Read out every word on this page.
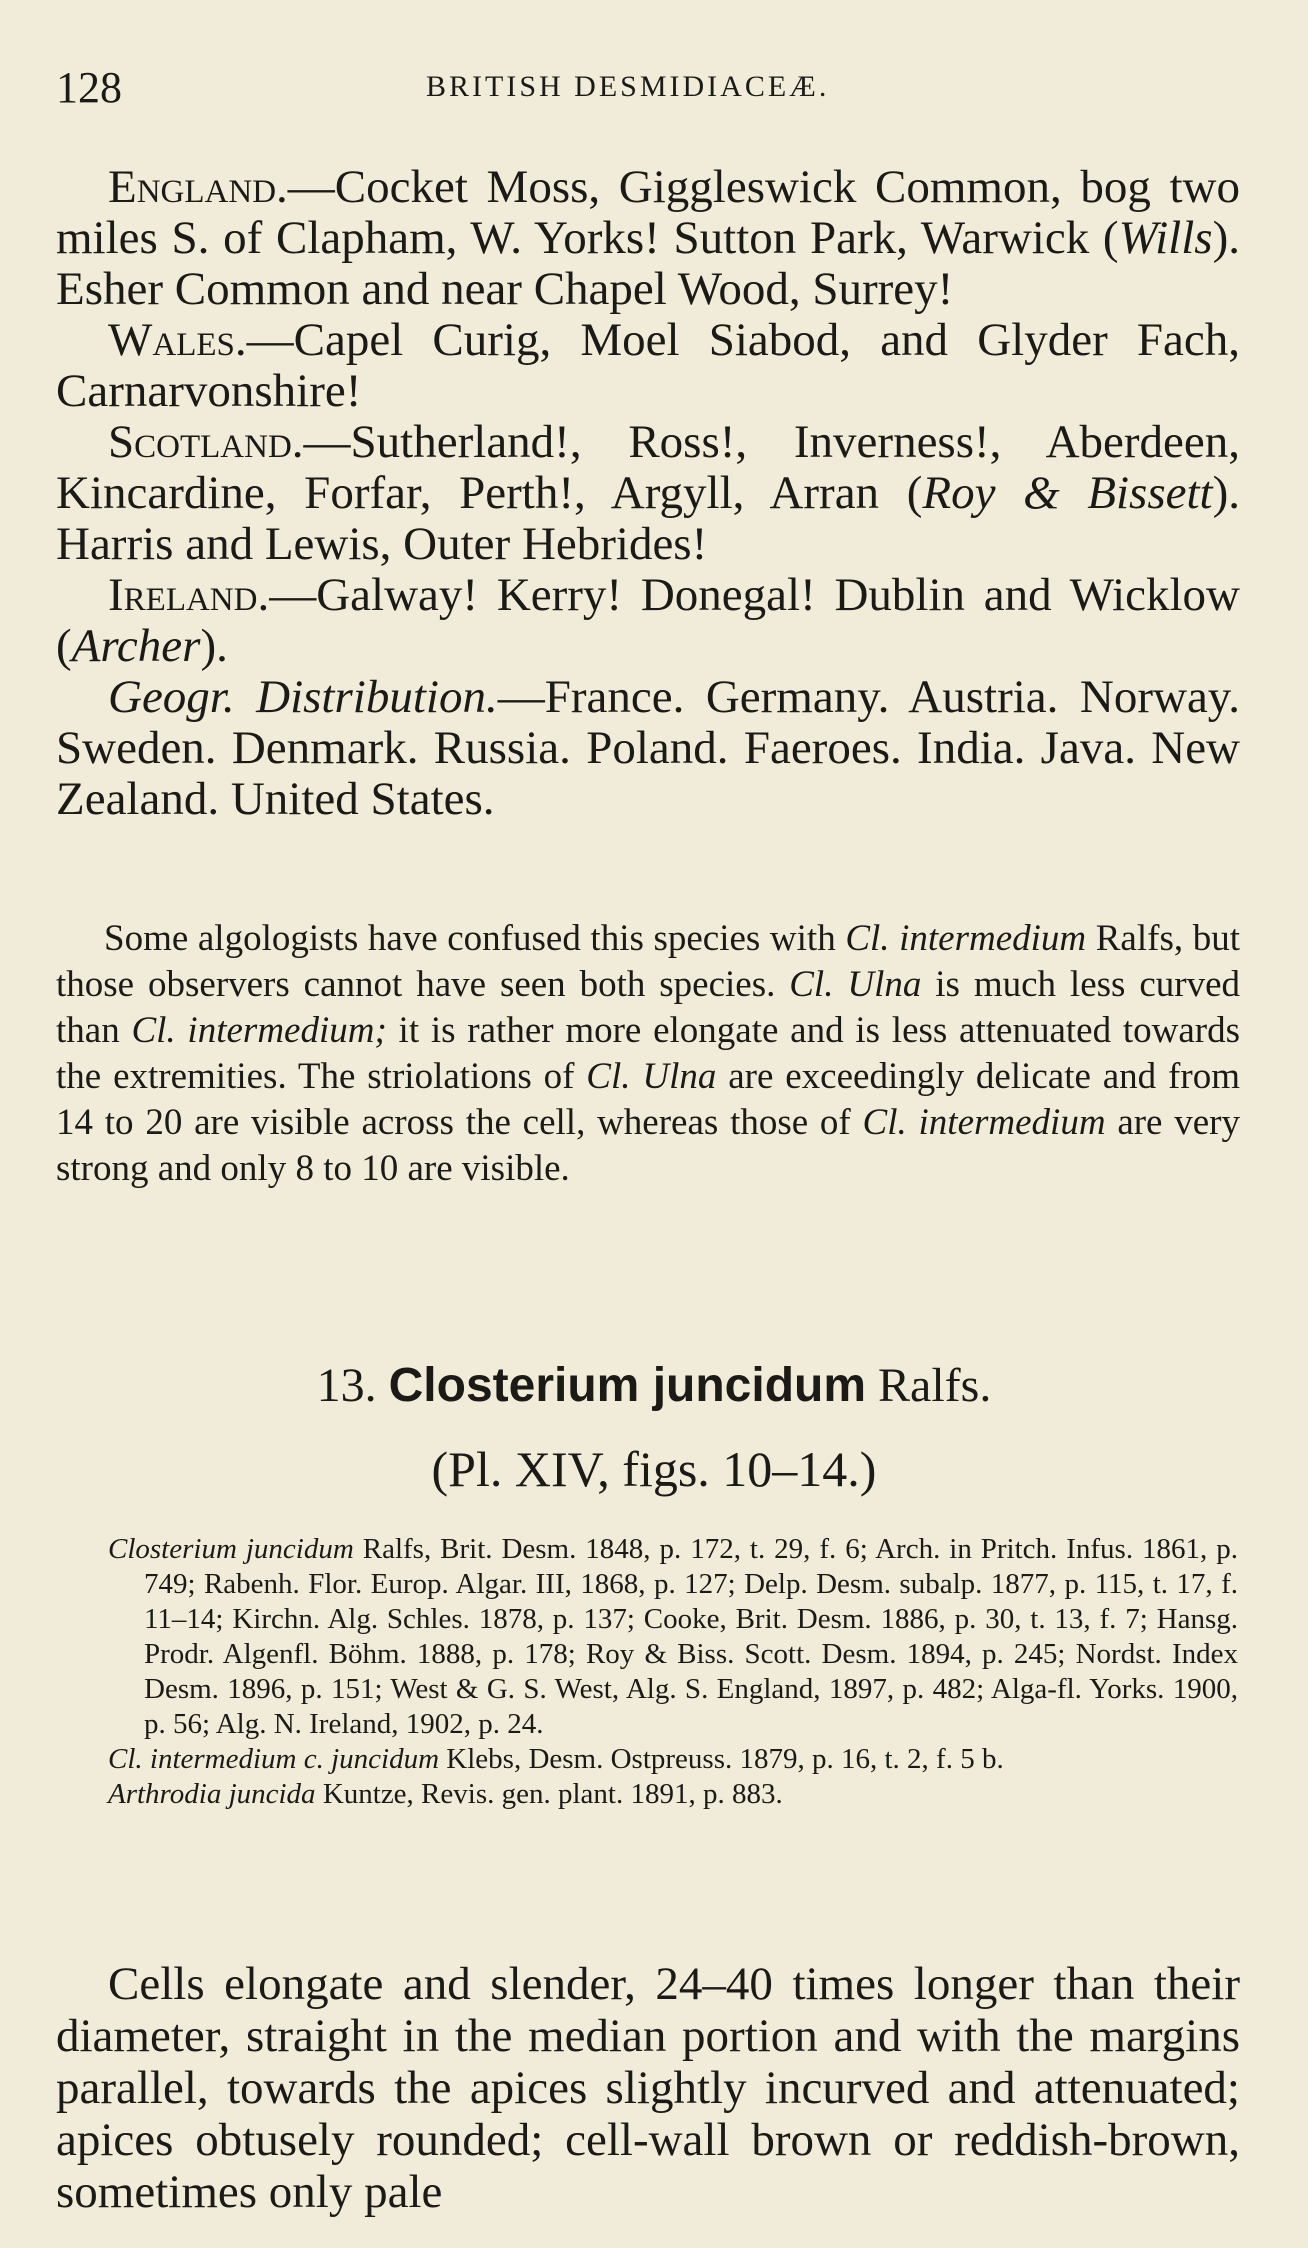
128	BRITISH DESMIDIACEÆ.

England.—Cocket Moss, Giggleswick Common, bog two miles S. of Clapham, W. Yorks! Sutton Park, Warwick (Wills). Esher Common and near Chapel Wood, Surrey!

Wales.—Capel Curig, Moel Siabod, and Glyder Fach, Carnarvonshire!

Scotland.—Sutherland!, Ross!, Inverness!, Aberdeen, Kincardine, Forfar, Perth!, Argyll, Arran (Roy & Bissett). Harris and Lewis, Outer Hebrides!

Ireland.—Galway! Kerry! Donegal! Dublin and Wicklow (Archer).

Geogr. Distribution.—France. Germany. Austria. Norway. Sweden. Denmark. Russia. Poland. Faeroes. India. Java. New Zealand. United States.

Some algologists have confused this species with Cl. intermedium Ralfs, but those observers cannot have seen both species. Cl. Ulna is much less curved than Cl. intermedium; it is rather more elongate and is less attenuated towards the extremities. The striolations of Cl. Ulna are exceedingly delicate and from 14 to 20 are visible across the cell, whereas those of Cl. intermedium are very strong and only 8 to 10 are visible.

13. Closterium juncidum Ralfs.
(Pl. XIV, figs. 10–14.)

Closterium juncidum Ralfs, Brit. Desm. 1848, p. 172, t. 29, f. 6; Arch. in Pritch. Infus. 1861, p. 749; Rabenh. Flor. Europ. Algar. III, 1868, p. 127; Delp. Desm. subalp. 1877, p. 115, t. 17, f. 11–14; Kirchn. Alg. Schles. 1878, p. 137; Cooke, Brit. Desm. 1886, p. 30, t. 13, f. 7; Hansg. Prodr. Algenfl. Böhm. 1888, p. 178; Roy & Biss. Scott. Desm. 1894, p. 245; Nordst. Index Desm. 1896, p. 151; West & G. S. West, Alg. S. England, 1897, p. 482; Alga-fl. Yorks. 1900, p. 56; Alg. N. Ireland, 1902, p. 24.

Cl. intermedium c. juncidum Klebs, Desm. Ostpreuss. 1879, p. 16, t. 2, f. 5 b.

Arthrodia juncida Kuntze, Revis. gen. plant. 1891, p. 883.

Cells elongate and slender, 24–40 times longer than their diameter, straight in the median portion and with the margins parallel, towards the apices slightly incurved and attenuated; apices obtusely rounded; cell-wall brown or reddish-brown, sometimes only pale
